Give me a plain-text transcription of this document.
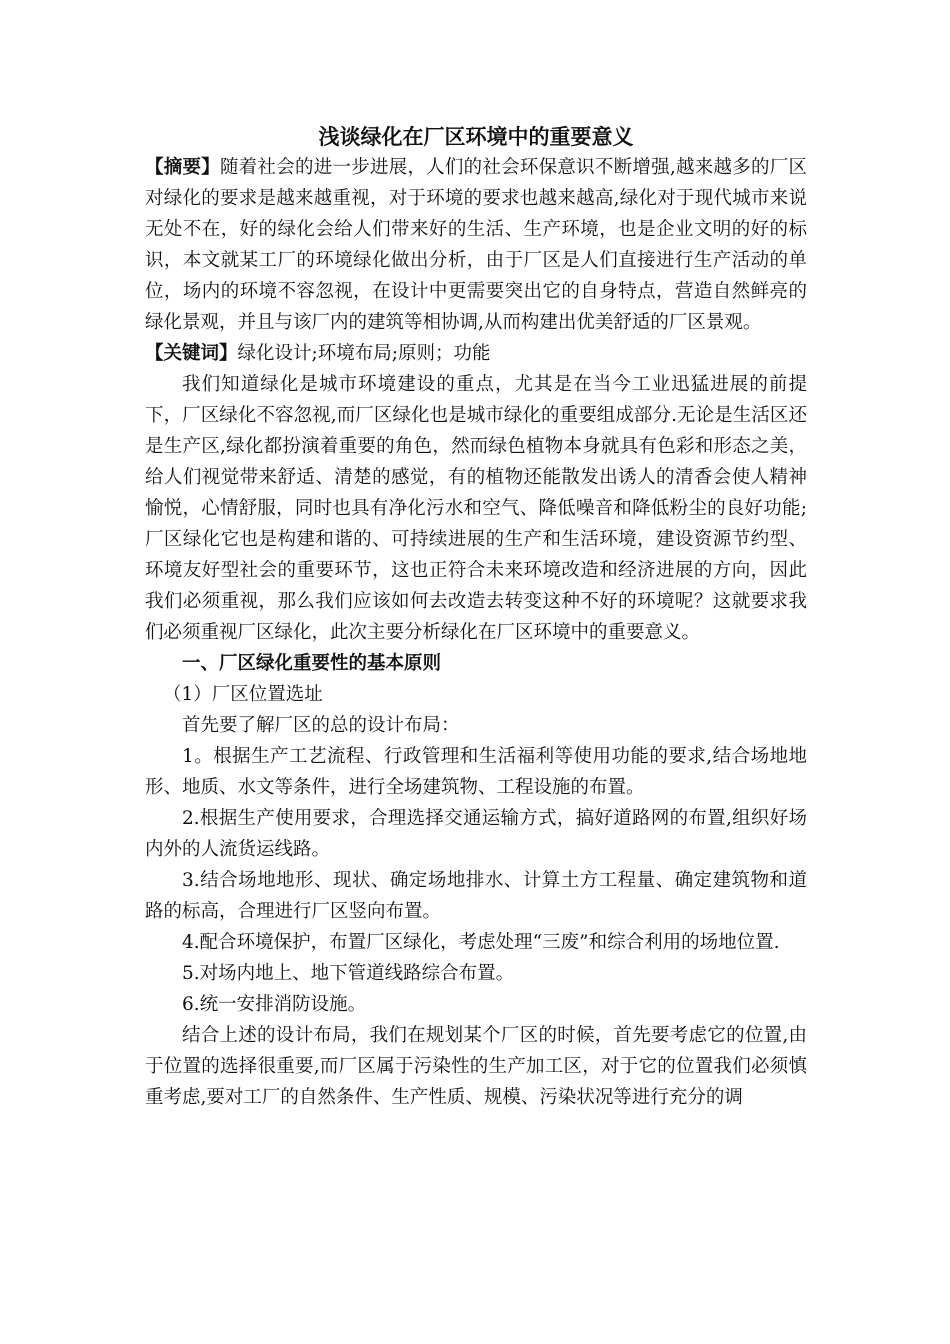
浅谈绿化在厂区环境中的重要意义

【摘要】随着社会的进一步进展，人们的社会环保意识不断增强,越来越多的厂区对绿化的要求是越来越重视，对于环境的要求也越来越高,绿化对于现代城市来说无处不在，好的绿化会给人们带来好的生活、生产环境，也是企业文明的好的标识，本文就某工厂的环境绿化做出分析，由于厂区是人们直接进行生产活动的单位，场内的环境不容忽视，在设计中更需要突出它的自身特点，营造自然鲜亮的绿化景观，并且与该厂内的建筑等相协调,从而构建出优美舒适的厂区景观。

【关键词】绿化设计;环境布局;原则；功能

我们知道绿化是城市环境建设的重点，尤其是在当今工业迅猛进展的前提下，厂区绿化不容忽视,而厂区绿化也是城市绿化的重要组成部分.无论是生活区还是生产区,绿化都扮演着重要的角色，然而绿色植物本身就具有色彩和形态之美，给人们视觉带来舒适、清楚的感觉，有的植物还能散发出诱人的清香会使人精神愉悦，心情舒服，同时也具有净化污水和空气、降低噪音和降低粉尘的良好功能;厂区绿化它也是构建和谐的、可持续进展的生产和生活环境，建设资源节约型、环境友好型社会的重要环节，这也正符合未来环境改造和经济进展的方向，因此我们必须重视，那么我们应该如何去改造去转变这种不好的环境呢？这就要求我们必须重视厂区绿化，此次主要分析绿化在厂区环境中的重要意义。

一、厂区绿化重要性的基本原则

（1）厂区位置选址

首先要了解厂区的总的设计布局：

1。根据生产工艺流程、行政管理和生活福利等使用功能的要求,结合场地地形、地质、水文等条件，进行全场建筑物、工程设施的布置。

2.根据生产使用要求，合理选择交通运输方式，搞好道路网的布置,组织好场内外的人流货运线路。

3.结合场地地形、现状、确定场地排水、计算土方工程量、确定建筑物和道路的标高，合理进行厂区竖向布置。

4.配合环境保护，布置厂区绿化，考虑处理“三废”和综合利用的场地位置.

5.对场内地上、地下管道线路综合布置。

6.统一安排消防设施。

结合上述的设计布局，我们在规划某个厂区的时候，首先要考虑它的位置,由于位置的选择很重要,而厂区属于污染性的生产加工区，对于它的位置我们必须慎重考虑,要对工厂的自然条件、生产性质、规模、污染状况等进行充分的调
